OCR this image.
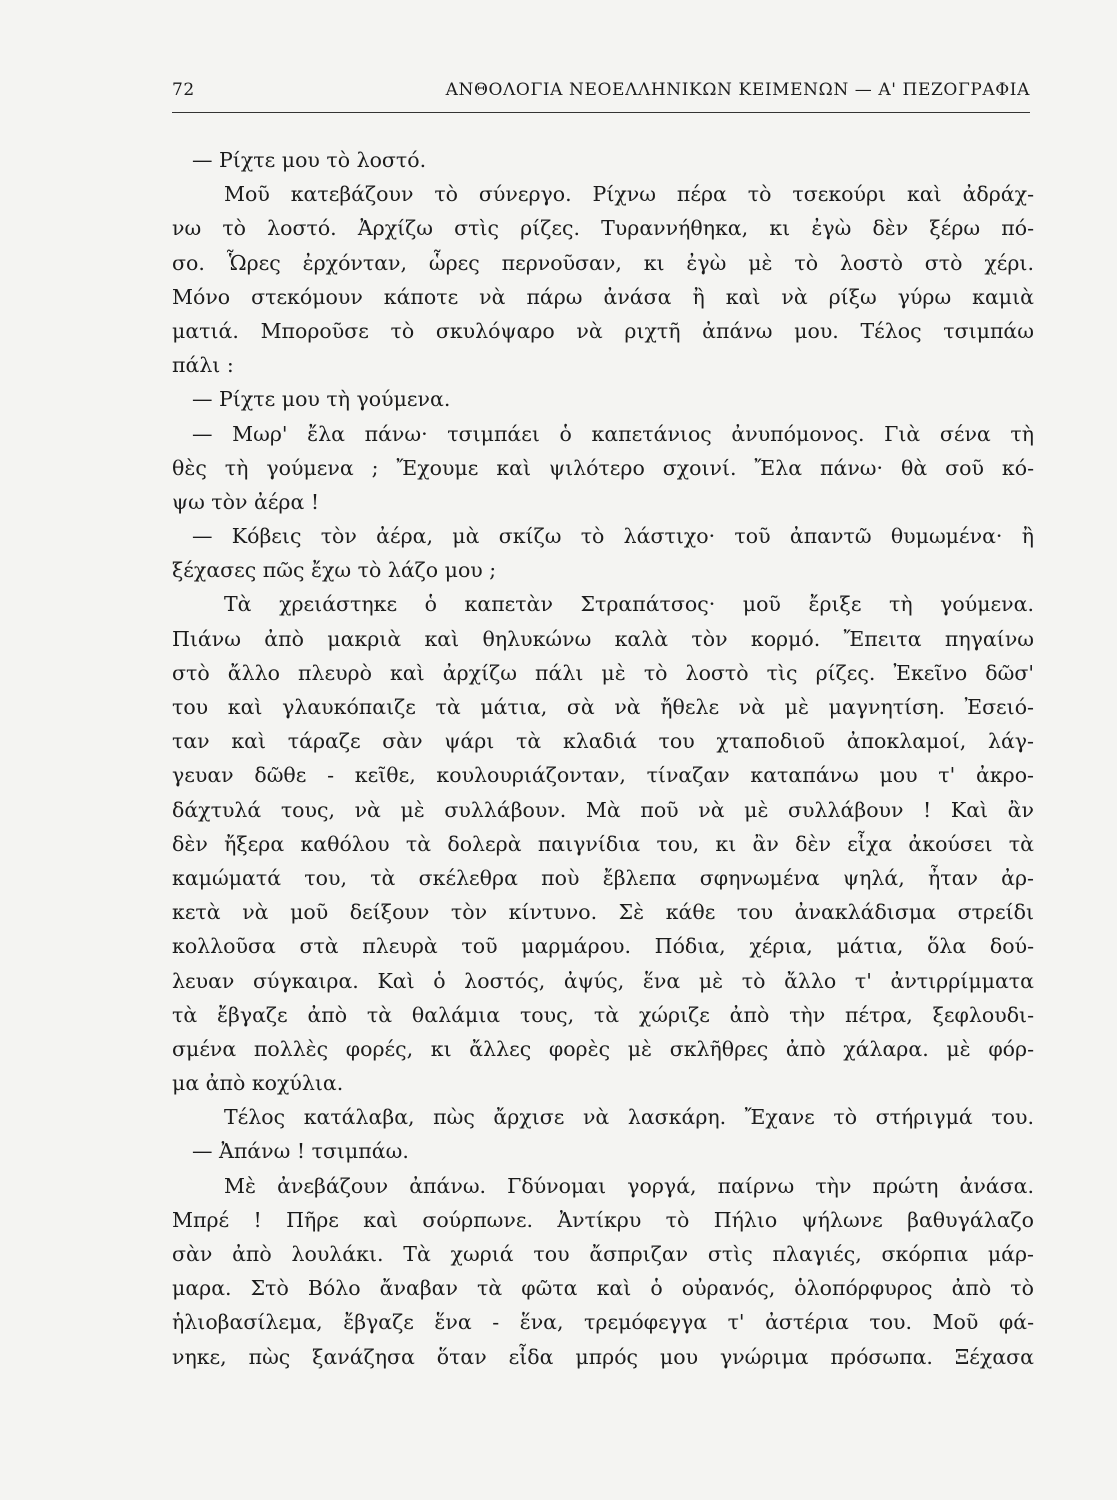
72	ΑΝΘΟΛΟΓΙΑ ΝΕΟΕΛΛΗΝΙΚΩΝ ΚΕΙΜΕΝΩΝ — Α' ΠΕΖΟΓΡΑΦΙΑ
— Ρίχτε μου τὸ λοστό.
Μοῦ κατεβάζουν τὸ σύνεργο. Ρίχνω πέρα τὸ τσεκούρι καὶ ἀδράχ-
νω τὸ λοστό. Ἀρχίζω στὶς ρίζες. Τυραννήθηκα, κι ἐγὼ δὲν ξέρω πό-
σο. Ὧρες ἐρχόνταν, ὧρες περνοῦσαν, κι ἐγὼ μὲ τὸ λοστὸ στὸ χέρι.
Μόνο στεκόμουν κάποτε νὰ πάρω ἀνάσα ἢ καὶ νὰ ρίξω γύρω καμιὰ
ματιά. Μποροῦσε τὸ σκυλόψαρο νὰ ριχτῆ ἀπάνω μου. Τέλος τσιμπάω
πάλι :
— Ρίχτε μου τὴ γούμενα.
— Μωρ' ἔλα πάνω· τσιμπάει ὁ καπετάνιος ἀνυπόμονος. Γιὰ σένα τὴ
θὲς τὴ γούμενα ; Ἔχουμε καὶ ψιλότερο σχοινί. Ἔλα πάνω· θὰ σοῦ κό-
ψω τὸν ἀέρα !
— Κόβεις τὸν ἀέρα, μὰ σκίζω τὸ λάστιχο· τοῦ ἀπαντῶ θυμωμένα· ἢ
ξέχασες πῶς ἔχω τὸ λάζο μου ;
Τὰ χρειάστηκε ὁ καπετὰν Στραπάτσος· μοῦ ἔριξε τὴ γούμενα.
Πιάνω ἀπὸ μακριὰ καὶ θηλυκώνω καλὰ τὸν κορμό. Ἔπειτα πηγαίνω
στὸ ἄλλο πλευρὸ καὶ ἀρχίζω πάλι μὲ τὸ λοστὸ τὶς ρίζες. Ἐκεῖνο δῶσ'
του καὶ γλαυκόπαιζε τὰ μάτια, σὰ νὰ ἤθελε νὰ μὲ μαγνητίση. Ἐσειό-
ταν καὶ τάραζε σὰν ψάρι τὰ κλαδιά του χταποδιοῦ ἀποκλαμοί, λάγ-
γευαν δῶθε - κεῖθε, κουλουριάζονταν, τίναζαν καταπάνω μου τ' ἀκρο-
δάχτυλά τους, νὰ μὲ συλλάβουν. Μὰ ποῦ νὰ μὲ συλλάβουν ! Καὶ ἂν
δὲν ἤξερα καθόλου τὰ δολερὰ παιγνίδια του, κι ἂν δὲν εἶχα ἀκούσει τὰ
καμώματά του, τὰ σκέλεθρα ποὺ ἔβλεπα σφηνωμένα ψηλά, ἦταν ἀρ-
κετὰ νὰ μοῦ δείξουν τὸν κίντυνο. Σὲ κάθε του ἀνακλάδισμα στρείδι
κολλοῦσα στὰ πλευρὰ τοῦ μαρμάρου. Πόδια, χέρια, μάτια, ὅλα δού-
λευαν σύγκαιρα. Καὶ ὁ λοστός, ἀψύς, ἕνα μὲ τὸ ἄλλο τ' ἀντιρρίμματα
τὰ ἔβγαζε ἀπὸ τὰ θαλάμια τους, τὰ χώριζε ἀπὸ τὴν πέτρα, ξεφλουδι-
σμένα πολλὲς φορές, κι ἄλλες φορὲς μὲ σκλῆθρες ἀπὸ χάλαρα. μὲ φόρ-
μα ἀπὸ κοχύλια.
Τέλος κατάλαβα, πὼς ἄρχισε νὰ λασκάρη. Ἔχανε τὸ στήριγμά του.
— Ἀπάνω ! τσιμπάω.
Μὲ ἀνεβάζουν ἀπάνω. Γδύνομαι γοργά, παίρνω τὴν πρώτη ἀνάσα.
Μπρέ ! Πῆρε καὶ σούρπωνε. Ἀντίκρυ τὸ Πήλιο ψήλωνε βαθυγάλαζο
σὰν ἀπὸ λουλάκι. Τὰ χωριά του ἄσπριζαν στὶς πλαγιές, σκόρπια μάρ-
μαρα. Στὸ Βόλο ἄναβαν τὰ φῶτα καὶ ὁ οὐρανός, ὁλοπόρφυρος ἀπὸ τὸ
ἡλιοβασίλεμα, ἔβγαζε ἕνα - ἕνα, τρεμόφεγγα τ' ἀστέρια του. Μοῦ φά-
νηκε, πὼς ξανάζησα ὅταν εἶδα μπρός μου γνώριμα πρόσωπα. Ξέχασα
